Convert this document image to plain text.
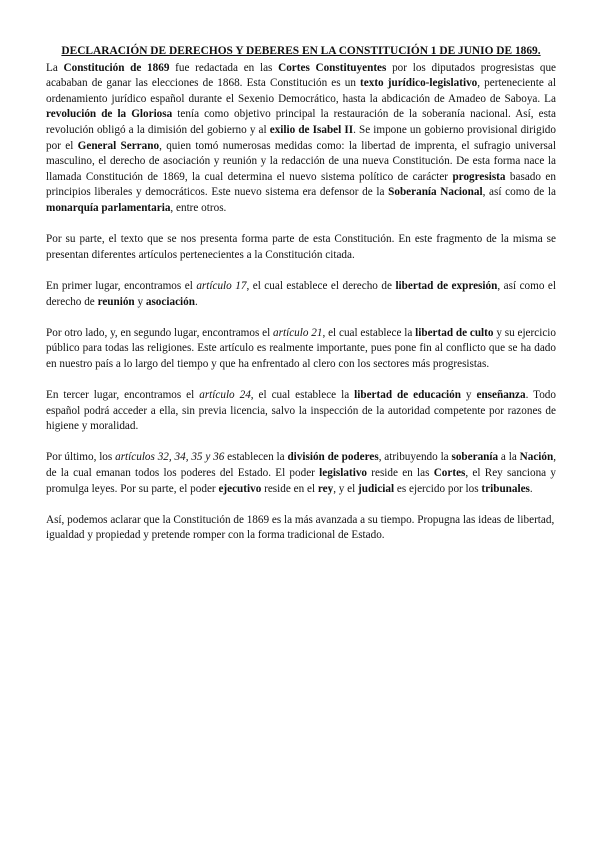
DECLARACIÓN DE DERECHOS Y DEBERES EN LA CONSTITUCIÓN 1 DE JUNIO DE 1869.

La Constitución de 1869 fue redactada en las Cortes Constituyentes por los diputados progresistas que acababan de ganar las elecciones de 1868. Esta Constitución es un texto jurídico-legislativo, perteneciente al ordenamiento jurídico español durante el Sexenio Democrático, hasta la abdicación de Amadeo de Saboya. La revolución de la Gloriosa tenía como objetivo principal la restauración de la soberanía nacional. Así, esta revolución obligó a la dimisión del gobierno y al exilio de Isabel II. Se impone un gobierno provisional dirigido por el General Serrano, quien tomó numerosas medidas como: la libertad de imprenta, el sufragio universal masculino, el derecho de asociación y reunión y la redacción de una nueva Constitución. De esta forma nace la llamada Constitución de 1869, la cual determina el nuevo sistema político de carácter progresista basado en principios liberales y democráticos. Este nuevo sistema era defensor de la Soberanía Nacional, así como de la monarquía parlamentaria, entre otros.

Por su parte, el texto que se nos presenta forma parte de esta Constitución. En este fragmento de la misma se presentan diferentes artículos pertenecientes a la Constitución citada.

En primer lugar, encontramos el artículo 17, el cual establece el derecho de libertad de expresión, así como el derecho de reunión y asociación.

Por otro lado, y, en segundo lugar, encontramos el artículo 21, el cual establece la libertad de culto y su ejercicio público para todas las religiones. Este artículo es realmente importante, pues pone fin al conflicto que se ha dado en nuestro país a lo largo del tiempo y que ha enfrentado al clero con los sectores más progresistas.

En tercer lugar, encontramos el artículo 24, el cual establece la libertad de educación y enseñanza. Todo español podrá acceder a ella, sin previa licencia, salvo la inspección de la autoridad competente por razones de higiene y moralidad.

Por último, los artículos 32, 34, 35 y 36 establecen la división de poderes, atribuyendo la soberanía a la Nación, de la cual emanan todos los poderes del Estado. El poder legislativo reside en las Cortes, el Rey sanciona y promulga leyes. Por su parte, el poder ejecutivo reside en el rey, y el judicial es ejercido por los tribunales.

Así, podemos aclarar que la Constitución de 1869 es la más avanzada a su tiempo. Propugna las ideas de libertad, igualdad y propiedad y pretende romper con la forma tradicional de Estado.
